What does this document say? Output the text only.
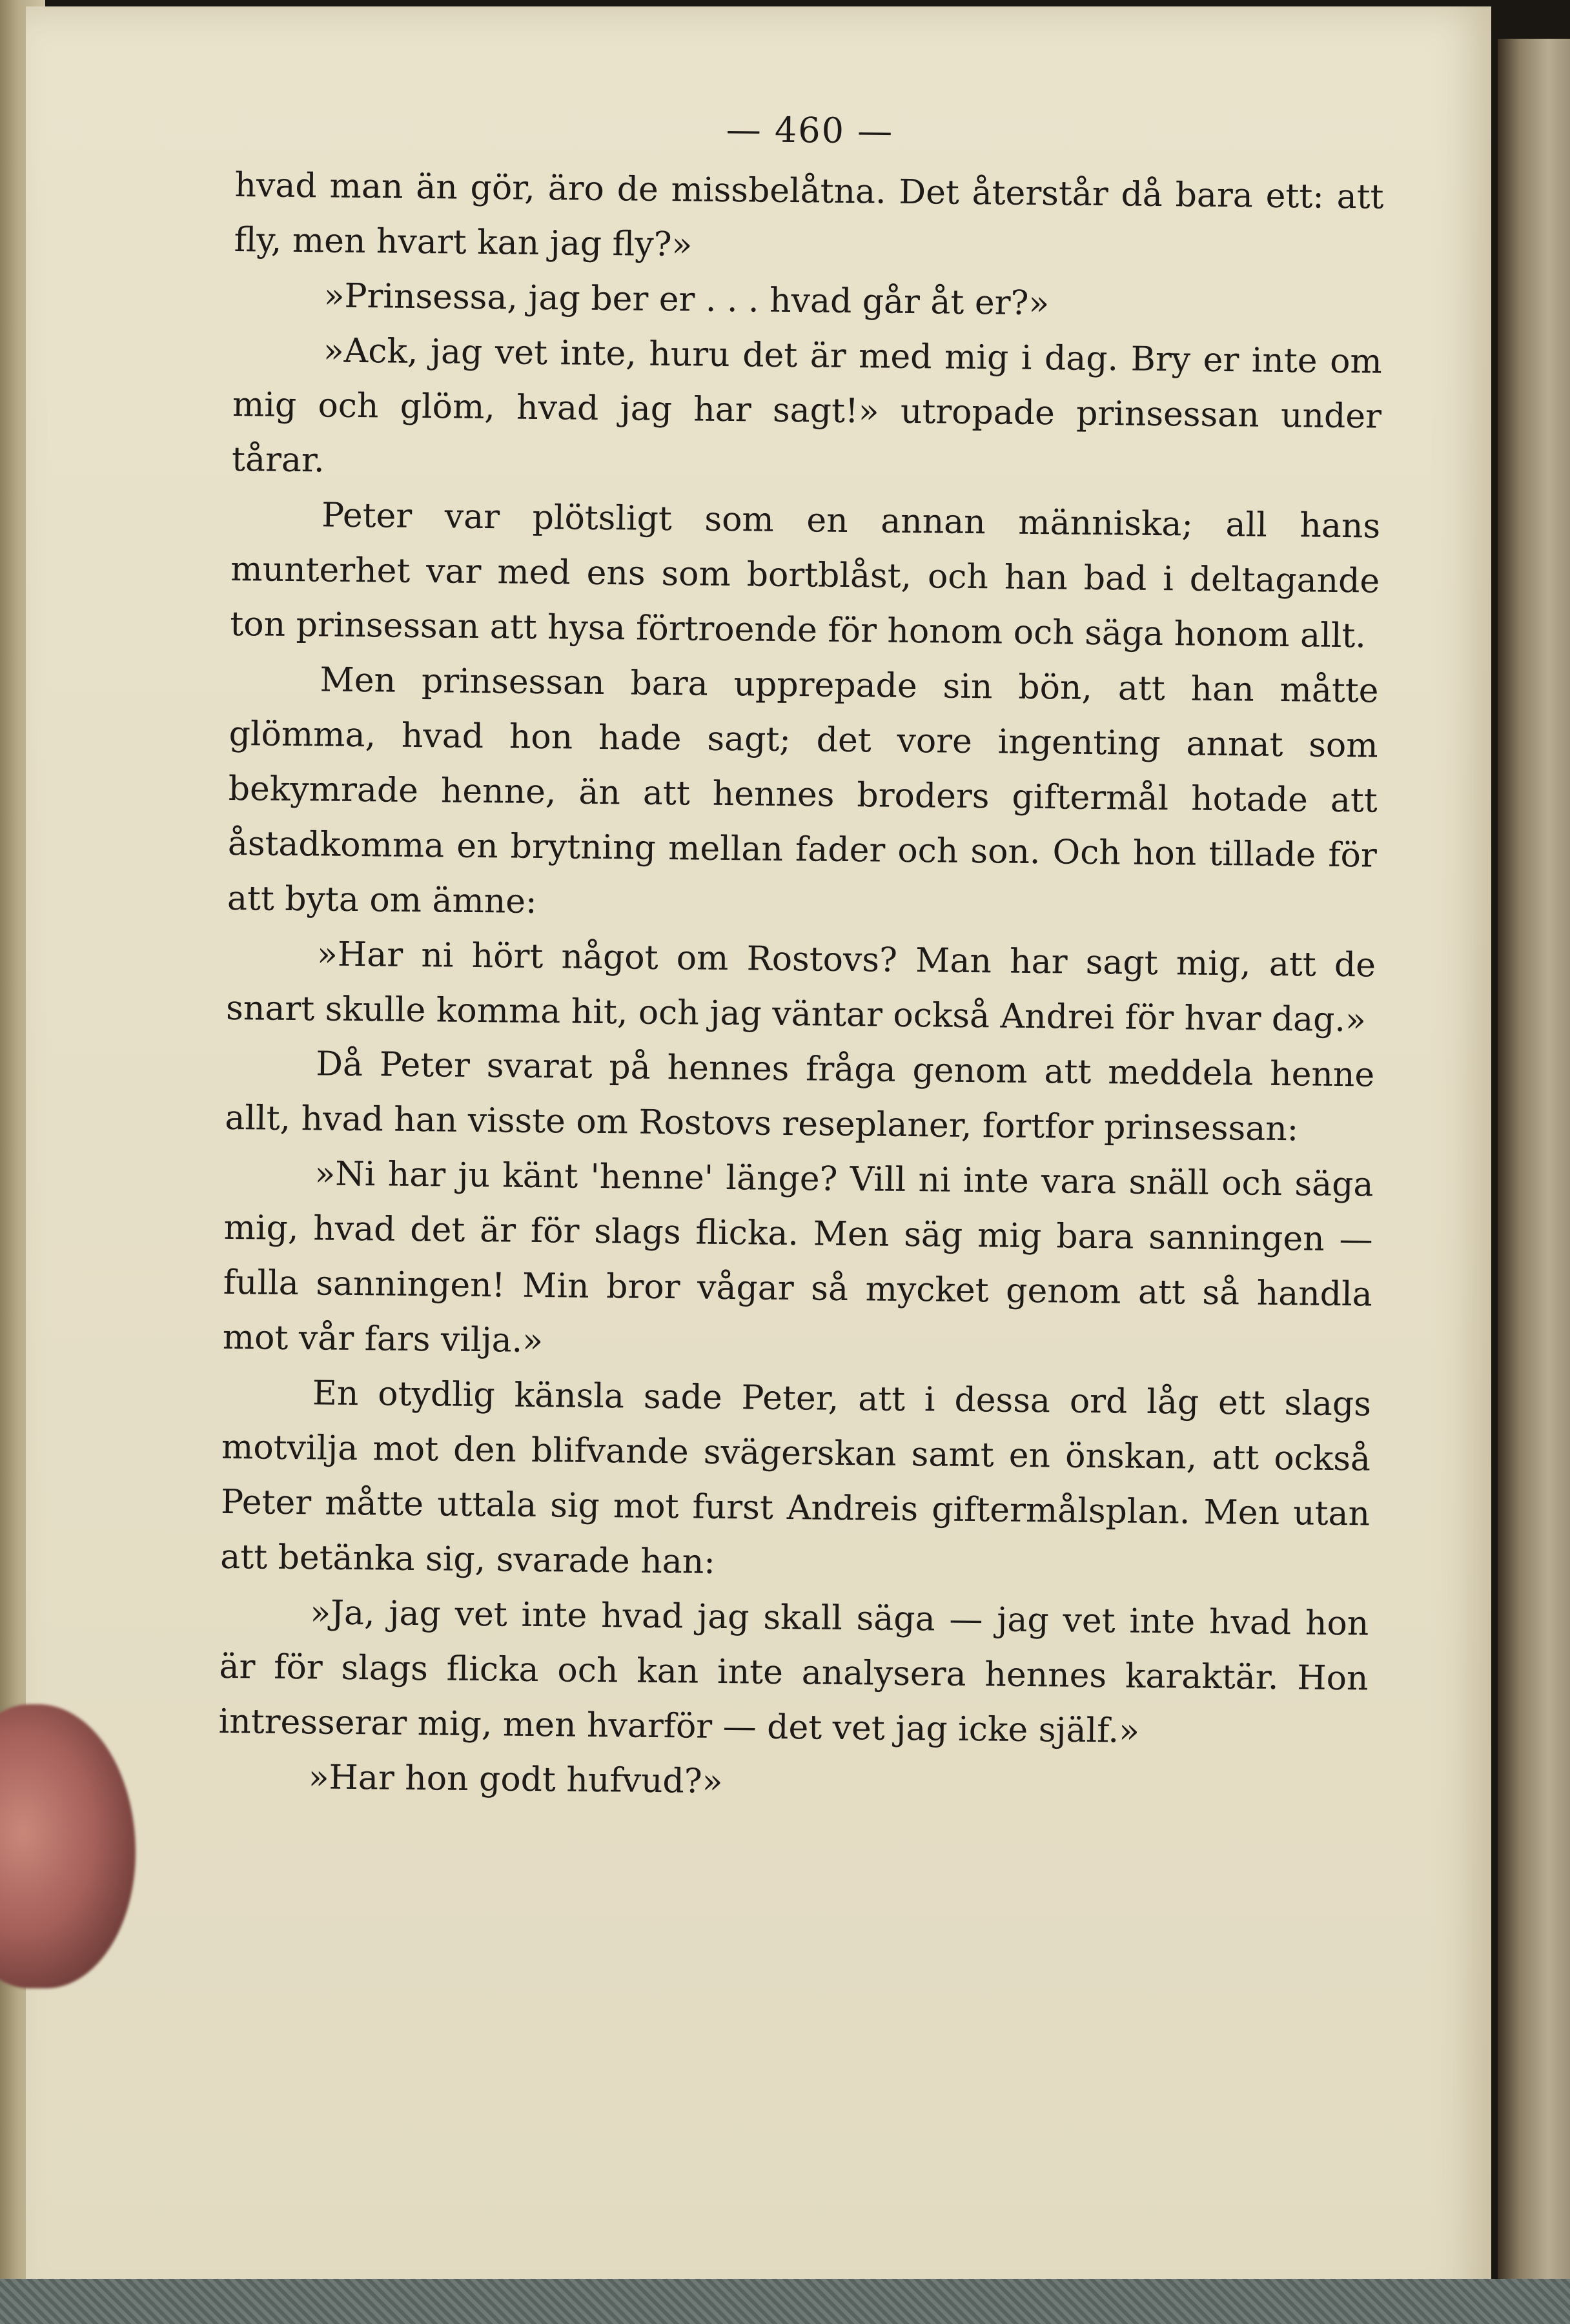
— 460 —

hvad man än gör, äro de missbelåtna. Det återstår då bara ett: att fly, men hvart kan jag fly?»

»Prinsessa, jag ber er . . . hvad går åt er?»

»Ack, jag vet inte, huru det är med mig i dag. Bry er inte om mig och glöm, hvad jag har sagt!» utropade prinsessan under tårar.

Peter var plötsligt som en annan människa; all hans munterhet var med ens som bortblåst, och han bad i deltagande ton prinsessan att hysa förtroende för honom och säga honom allt.

Men prinsessan bara upprepade sin bön, att han måtte glömma, hvad hon hade sagt; det vore ingenting annat som bekymrade henne, än att hennes broders giftermål hotade att åstadkomma en brytning mellan fader och son. Och hon tillade för att byta om ämne:

»Har ni hört något om Rostovs? Man har sagt mig, att de snart skulle komma hit, och jag väntar också Andrei för hvar dag.»

Då Peter svarat på hennes fråga genom att meddela henne allt, hvad han visste om Rostovs reseplaner, fortfor prinsessan:

»Ni har ju känt 'henne' länge? Vill ni inte vara snäll och säga mig, hvad det är för slags flicka. Men säg mig bara sanningen — fulla sanningen! Min bror vågar så mycket genom att så handla mot vår fars vilja.»

En otydlig känsla sade Peter, att i dessa ord låg ett slags motvilja mot den blifvande svägerskan samt en önskan, att också Peter måtte uttala sig mot furst Andreis giftermålsplan. Men utan att betänka sig, svarade han:

»Ja, jag vet inte hvad jag skall säga — jag vet inte hvad hon är för slags flicka och kan inte analysera hennes karaktär. Hon intresserar mig, men hvarför — det vet jag icke själf.»

»Har hon godt hufvud?»
